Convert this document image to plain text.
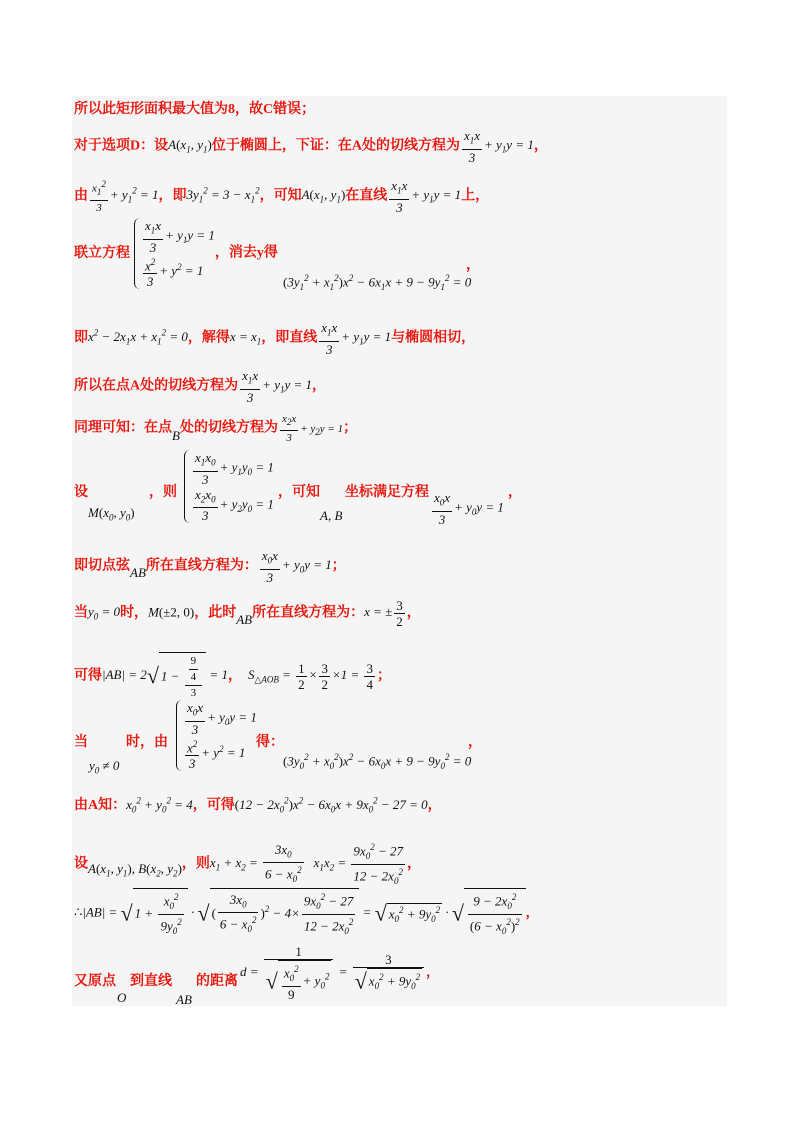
所以此矩形面积最大值为8，故C错误；
对于选项D：设$A(x_1$, $y_1$)位于椭圆上，下证：在A处的切线方程为 $\frac{x_1x}{3} + y_1y = 1$，
由 $\frac{x_1^2}{3} + y_1^2 = 1$，即$3y_1^2 = 3 - x_1^2$，可知$A(x_1$, $y_1$)在直线 $\frac{x_1x}{3} + y_1y = 1$上，
联立方程 $\frac{x_1x}{3} + y_1y = 1$
$\frac{x^2}{3} + y^2 = 1$
，消去y得
$(3y_1^2 + x_1^2)x^2 - 6x_1x + 9 - 9y_1^2 = 0$
，
即$x^2 - 2x_1x + x_1^2 = 0$，解得$x = x_1$，即直线 $\frac{x_1x}{3} + y_1y = 1$与椭圆相切，
所以在点A处的切线方程为 $\frac{x_1x}{3} + y_1y = 1$，
同理可知：在点B处的切线方程为 $\frac{x_2x}{3} + y_2y = 1$；
设
$M(x_0$, $y_0$)
，则
$\frac{x_1x_0}{3} + y_1y_0 = 1$
$\frac{x_2x_0}{3} + y_2y_0 = 1$
，可知
A, B
坐标满足方程 $\frac{x_0x}{3} + y_0y = 1$
，
即切点弦AB所在直线方程为： $\frac{x_0x}{3} + y_0y = 1$；
当$y_0 = 0$时，M(±2, 0)，此时AB所在直线方程为：x = ± $\frac{3}{2}$ ，
可得|AB| = 2√ $1 - \frac{\frac{9}{4}}{3} = 1$， $S_{\triangle AOB} = \frac{1}{2} \times \frac{3}{2} \times 1 = \frac{3}{4}$ ；
当
$y_0 \ne 0$
时，由
$\frac{x_0x}{3} + y_0y = 1$
$\frac{x^2}{3} + y^2 = 1$
得：
$(3y_0^2 + x_0^2)x^2 - 6x_0x + 9 - 9y_0^2 = 0$
，
由A知：$x_0^2 + y_0^2 = 4$，可得$(12 - 2x_0^2)x^2 - 6x_0x + 9x_0^2 - 27 = 0$，
设$A(x_1$, $y_1$), $B(x_2$, $y_2$)，则$x_1 + x_2 = \frac{3x_0}{6 - x_0^2} x_1x_2 = \frac{9x_0^2 - 27}{12 - 2x_0^2}$ ，
∴|AB| = √ $1 + \frac{x_0^2}{9y_0^2}$ · √ ( $\frac{3x_0}{6 - x_0^2} )^2 - 4\times \frac{9x_0^2 - 27}{12 - 2x_0^2}$ = √ $x_0^2 + 9y_0^2$ · √ $\frac{9 - 2x_0^2}{(6 - x_0^2)^2}$ ，
又原点
O
到直线
AB
的距离
$d = \frac{1}{√ \frac{x_0^2}{9} + y_0^2} = \frac{3}{√ x_0^2 + 9y_0^2}$ ，
